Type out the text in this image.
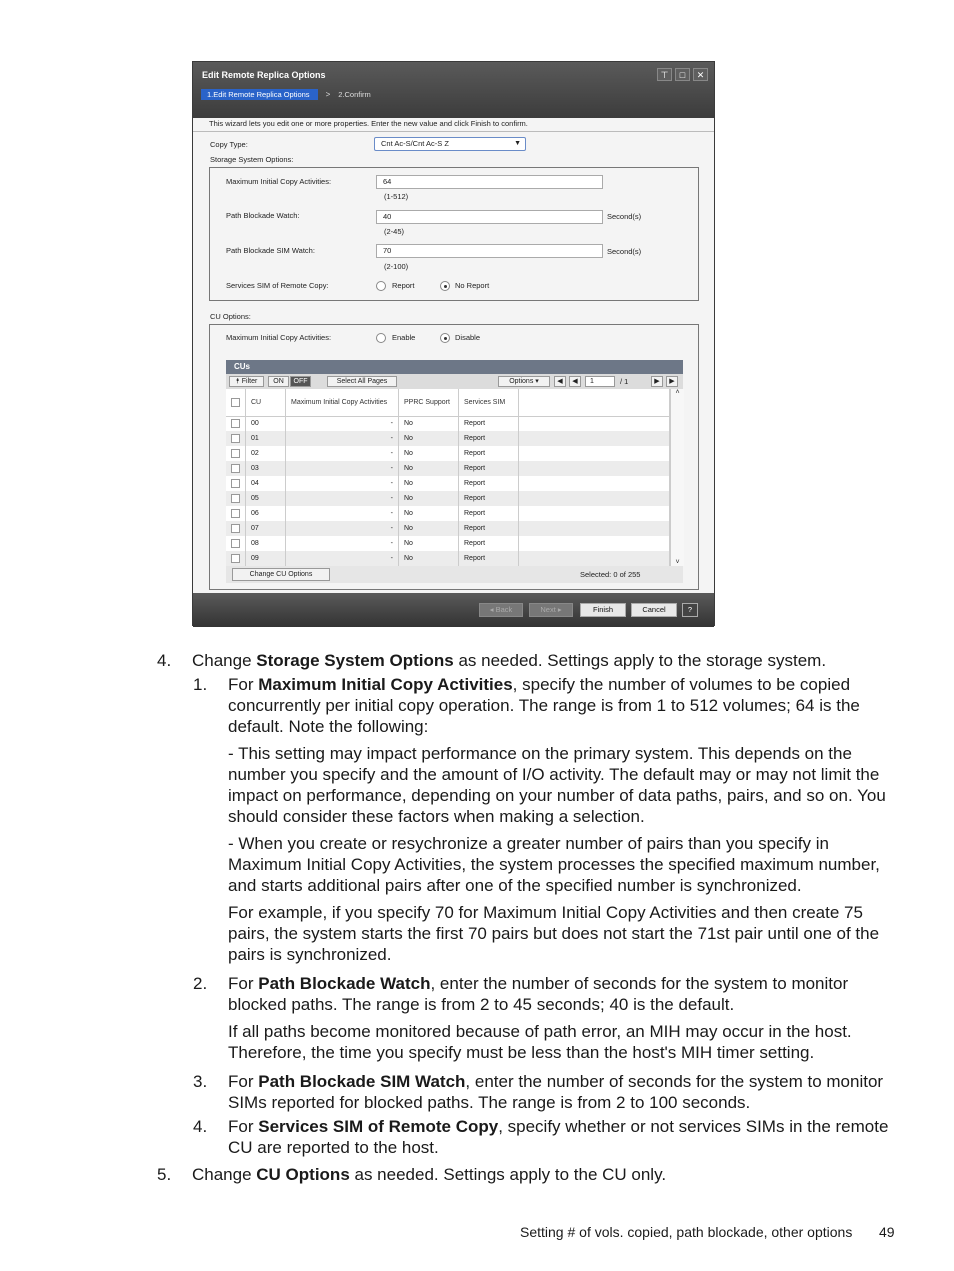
Edit Remote Replica Options	⊤	□	✕
1.Edit Remote Replica Options	> 2.Confirm
This wizard lets you edit one or more properties. Enter the new value and click Finish to confirm.
Copy Type:	Cnt Ac-S/Cnt Ac-S Z	▼
Storage System Options:
Maximum Initial Copy Activities:	64
(1-512)
Path Blockade Watch:	40	Second(s)
(2-45)
Path Blockade SIM Watch:	70	Second(s)
(2-100)
Services SIM of Remote Copy:	Report	No Report
CU Options:
Maximum Initial Copy Activities:	Enable	Disable
CUs
⯭ Filter	ON	OFF	Select All Pages	Options ▾	◀	◀	1	/ 1	▶	▶
	CU	Maximum Initial Copy Activities	PPRC Support	Services SIM	
	00	-	No	Report	
	01	-	No	Report	
	02	-	No	Report	
	03	-	No	Report	
	04	-	No	Report	
	05	-	No	Report	
	06	-	No	Report	
	07	-	No	Report	
	08	-	No	Report	
	09	-	No	Report	
˄
˅
Change CU Options	Selected: 0 of 255
◂ Back	Next ▸	Finish	Cancel	?
4. Change Storage System Options as needed. Settings apply to the storage system.
1. For Maximum Initial Copy Activities, specify the number of volumes to be copied concurrently per initial copy operation. The range is from 1 to 512 volumes; 64 is the default. Note the following:
- This setting may impact performance on the primary system. This depends on the number you specify and the amount of I/O activity. The default may or may not limit the impact on performance, depending on your number of data paths, pairs, and so on. You should consider these factors when making a selection.
- When you create or resychronize a greater number of pairs than you specify in Maximum Initial Copy Activities, the system processes the specified maximum number, and starts additional pairs after one of the specified number is synchronized.
For example, if you specify 70 for Maximum Initial Copy Activities and then create 75 pairs, the system starts the first 70 pairs but does not start the 71st pair until one of the pairs is synchronized.
2. For Path Blockade Watch, enter the number of seconds for the system to monitor blocked paths. The range is from 2 to 45 seconds; 40 is the default.
If all paths become monitored because of path error, an MIH may occur in the host. Therefore, the time you specify must be less than the host's MIH timer setting.
3. For Path Blockade SIM Watch, enter the number of seconds for the system to monitor SIMs reported for blocked paths. The range is from 2 to 100 seconds.
4. For Services SIM of Remote Copy, specify whether or not services SIMs in the remote CU are reported to the host.
5. Change CU Options as needed. Settings apply to the CU only.
Setting # of vols. copied, path blockade, other options 49
